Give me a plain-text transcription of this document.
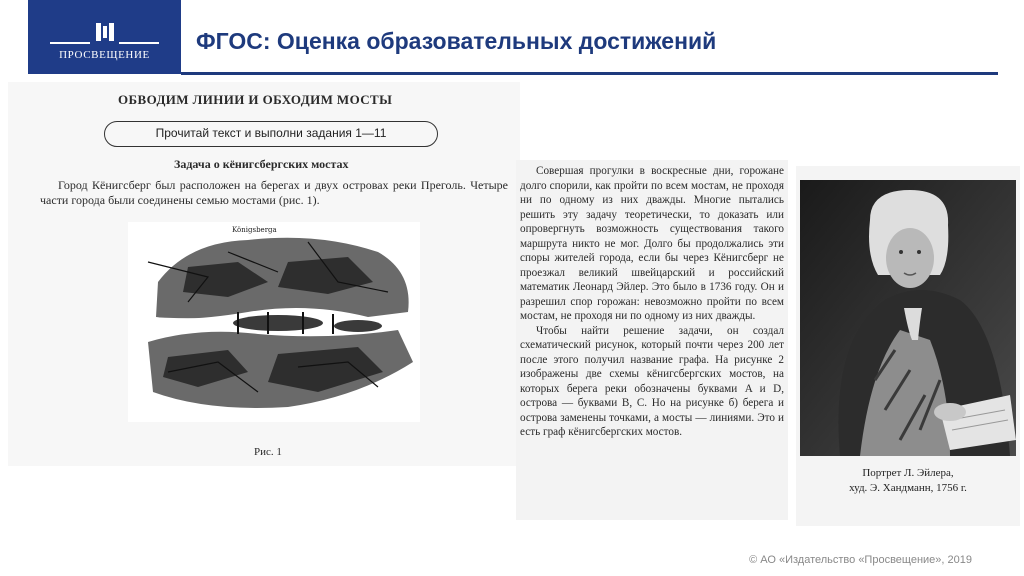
ПРОСВЕЩЕНИЕ
ФГОС: Оценка образовательных достижений
ОБВОДИМ ЛИНИИ И ОБХОДИМ МОСТЫ
Прочитай текст и выполни задания 1—11
Задача о кёнигсбергских мостах

Город Кёнигсберг был расположен на берегах и двух островах реки Преголь. Четыре части города были соединены семью мостами (рис. 1).

Königsberga
Рис. 1

Совершая прогулки в воскресные дни, горожане долго спорили, как пройти по всем мостам, не проходя ни по одному из них дважды. Многие пытались решить эту задачу теоретически, то доказать или опровергнуть возможность существования такого маршрута никто не мог. Долго бы продолжались эти споры жителей города, если бы через Кёнигсберг не проезжал великий швейцарский и российский математик Леонард Эйлер. Это было в 1736 году. Он и разрешил спор горожан: невозможно пройти по всем мостам, не проходя ни по одному из них дважды.

Чтобы найти решение задачи, он создал схематический рисунок, который почти через 200 лет после этого получил название графа. На рисунке 2 изображены две схемы кёнигсбергских мостов, на которых берега реки обозначены буквами A и D, острова — буквами B, C. Но на рисунке б) берега и острова заменены точками, а мосты — линиями. Это и есть граф кёнигсбергских мостов.

Портрет Л. Эйлера,
худ. Э. Хандманн, 1756 г.
© АО «Издательство «Просвещение», 2019
